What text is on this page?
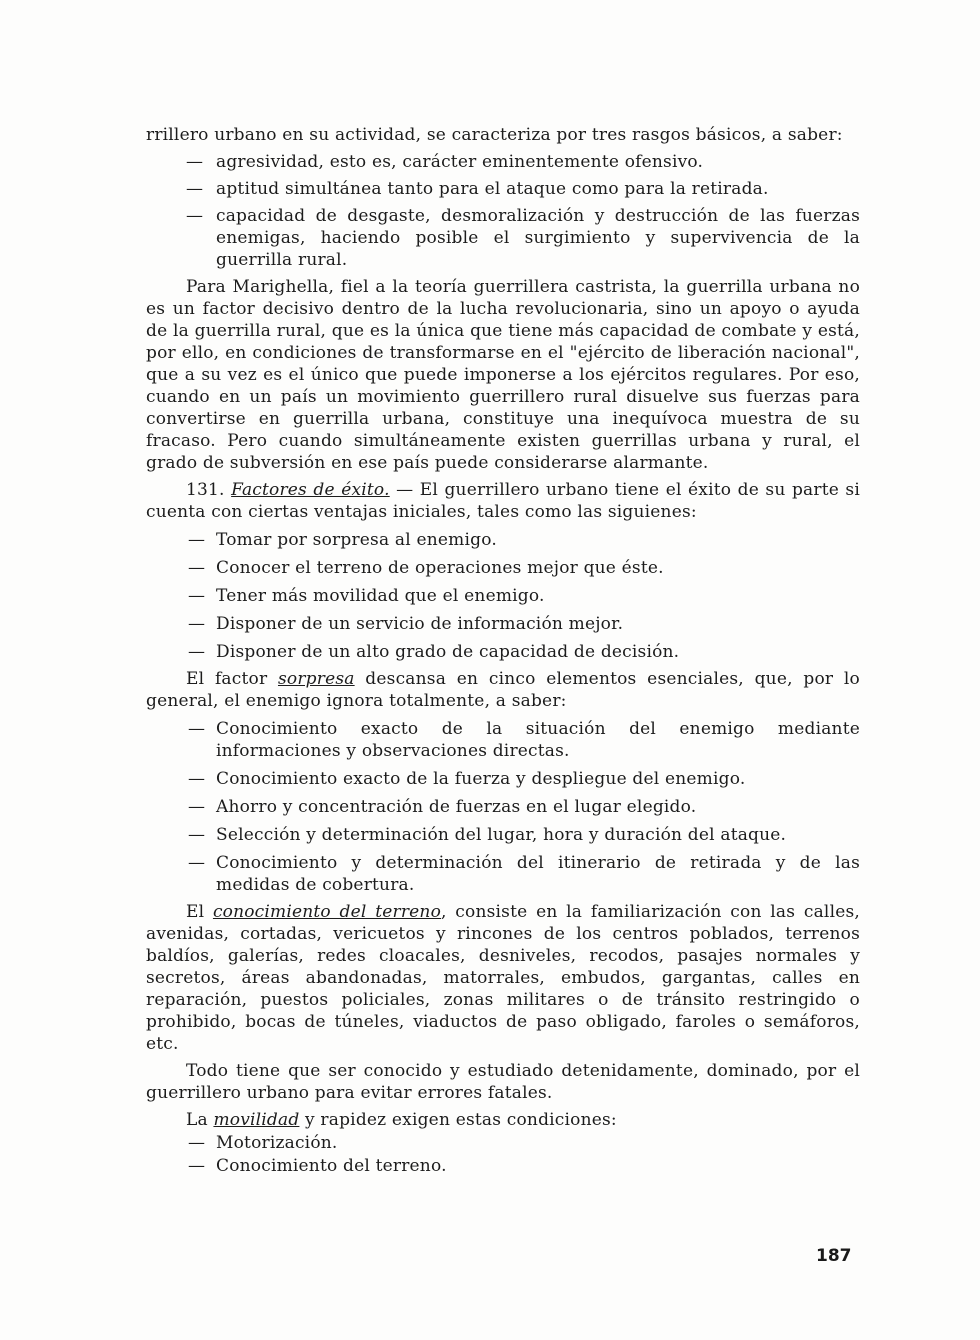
rrillero urbano en su actividad, se caracteriza por tres rasgos básicos, a saber:

— agresividad, esto es, carácter eminentemente ofensivo.
— aptitud simultánea tanto para el ataque como para la retirada.
— capacidad de desgaste, desmoralización y destrucción de las fuerzas enemigas, haciendo posible el surgimiento y supervivencia de la guerrilla rural.

Para Marighella, fiel a la teoría guerrillera castrista, la guerrilla urbana no es un factor decisivo dentro de la lucha revolucionaria, sino un apoyo o ayuda de la guerrilla rural, que es la única que tiene más capacidad de combate y está, por ello, en condiciones de transformarse en el "ejército de liberación nacional", que a su vez es el único que puede imponerse a los ejércitos regulares. Por eso, cuando en un país un movimiento guerrillero rural disuelve sus fuerzas para convertirse en guerrilla urbana, constituye una inequívoca muestra de su fracaso. Pero cuando simultáneamente existen guerrillas urbana y rural, el grado de subversión en ese país puede considerarse alarmante.

131. Factores de éxito. — El guerrillero urbano tiene el éxito de su parte si cuenta con ciertas ventajas iniciales, tales como las siguienes:

— Tomar por sorpresa al enemigo.
— Conocer el terreno de operaciones mejor que éste.
— Tener más movilidad que el enemigo.
— Disponer de un servicio de información mejor.
— Disponer de un alto grado de capacidad de decisión.

El factor sorpresa descansa en cinco elementos esenciales, que, por lo general, el enemigo ignora totalmente, a saber:

— Conocimiento exacto de la situación del enemigo mediante informaciones y observaciones directas.
— Conocimiento exacto de la fuerza y despliegue del enemigo.
— Ahorro y concentración de fuerzas en el lugar elegido.
— Selección y determinación del lugar, hora y duración del ataque.
— Conocimiento y determinación del itinerario de retirada y de las medidas de cobertura.

El conocimiento del terreno, consiste en la familiarización con las calles, avenidas, cortadas, vericuetos y rincones de los centros poblados, terrenos baldíos, galerías, redes cloacales, desniveles, recodos, pasajes normales y secretos, áreas abandonadas, matorrales, embudos, gargantas, calles en reparación, puestos policiales, zonas militares o de tránsito restringido o prohibido, bocas de túneles, viaductos de paso obligado, faroles o semáforos, etc.

Todo tiene que ser conocido y estudiado detenidamente, dominado, por el guerrillero urbano para evitar errores fatales.

La movilidad y rapidez exigen estas condiciones:

— Motorización.
— Conocimiento del terreno.
187
